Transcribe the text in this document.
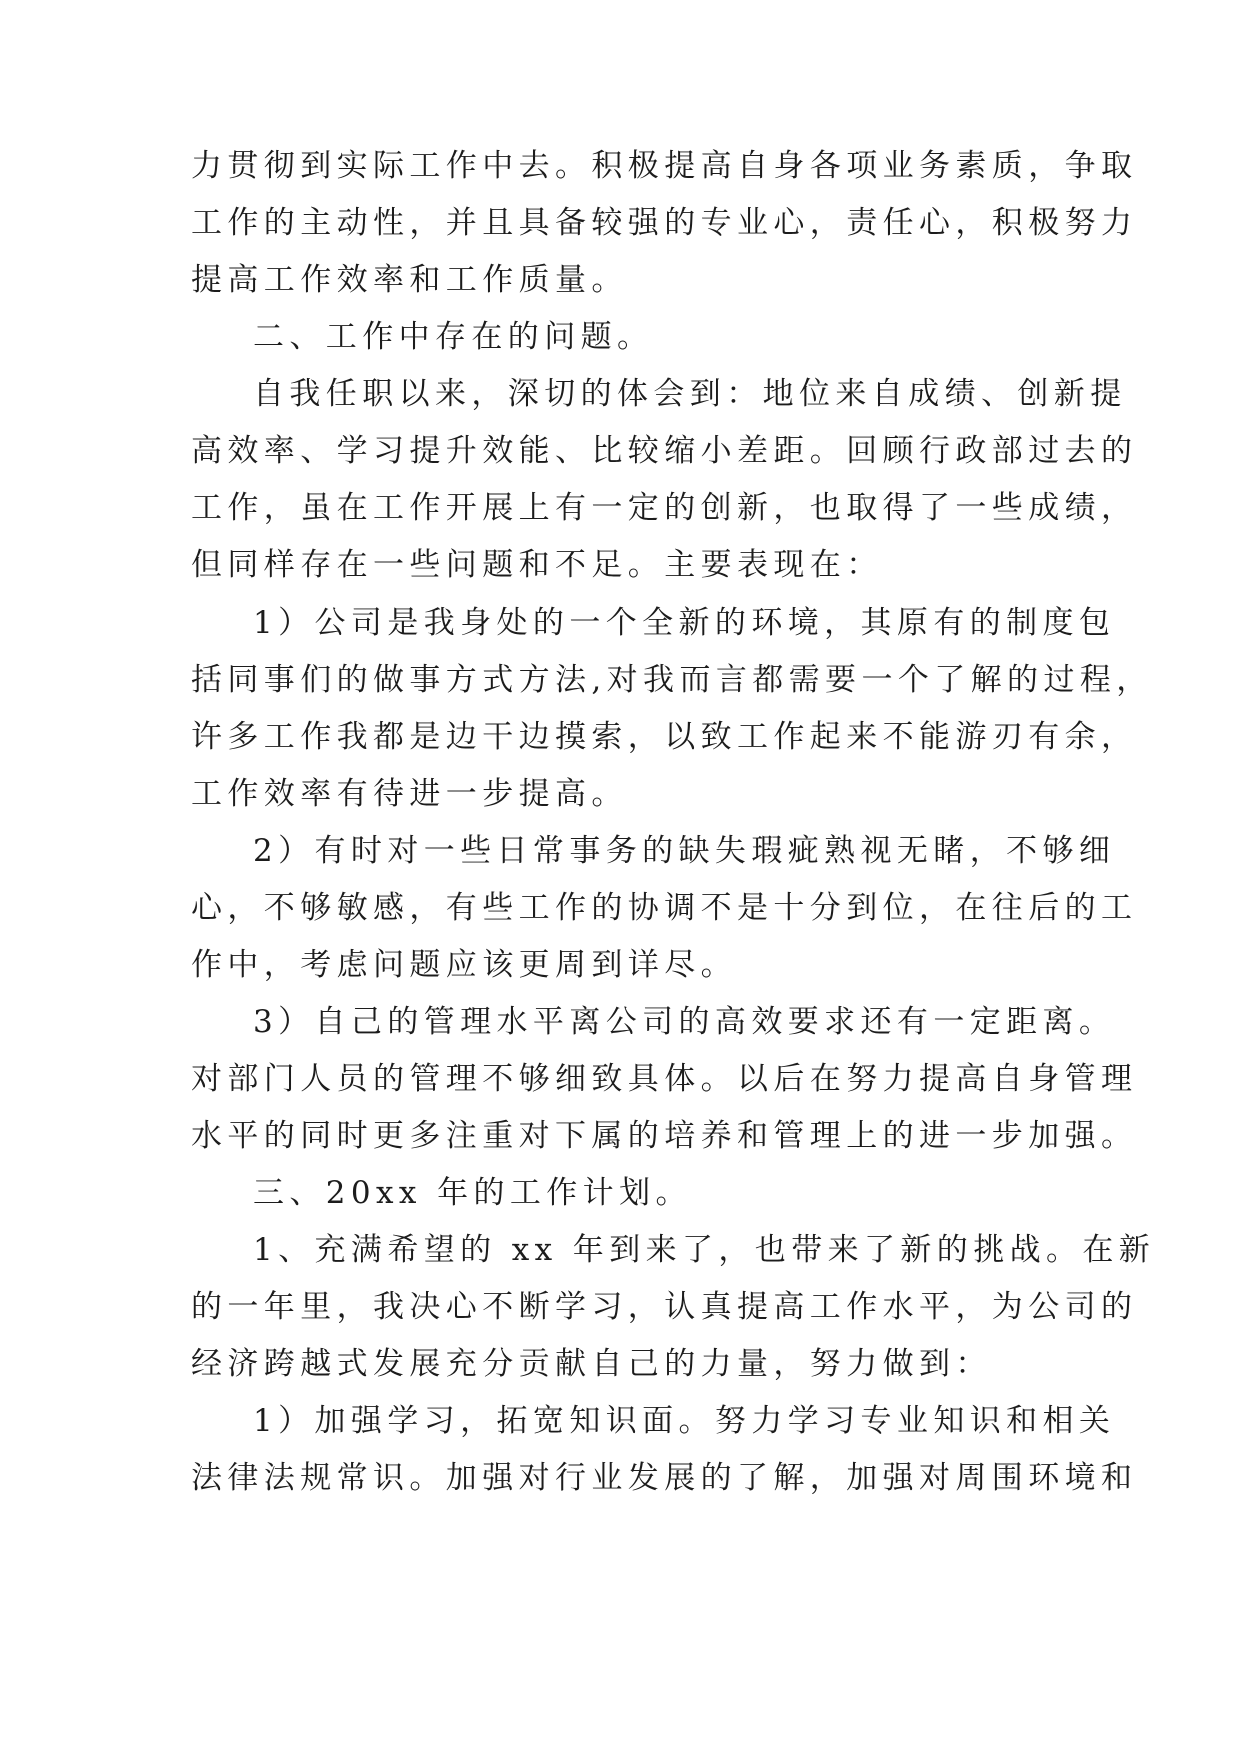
力贯彻到实际工作中去。积极提高自身各项业务素质，争取
工作的主动性，并且具备较强的专业心，责任心，积极努力
提高工作效率和工作质量。
二、工作中存在的问题。
自我任职以来，深切的体会到：地位来自成绩、创新提
高效率、学习提升效能、比较缩小差距。回顾行政部过去的
工作，虽在工作开展上有一定的创新，也取得了一些成绩，
但同样存在一些问题和不足。主要表现在：
1）公司是我身处的一个全新的环境，其原有的制度包
括同事们的做事方式方法,对我而言都需要一个了解的过程，
许多工作我都是边干边摸索，以致工作起来不能游刃有余，
工作效率有待进一步提高。
2）有时对一些日常事务的缺失瑕疵熟视无睹，不够细
心，不够敏感，有些工作的协调不是十分到位，在往后的工
作中，考虑问题应该更周到详尽。
3）自己的管理水平离公司的高效要求还有一定距离。
对部门人员的管理不够细致具体。以后在努力提高自身管理
水平的同时更多注重对下属的培养和管理上的进一步加强。
三、20xx 年的工作计划。
1、充满希望的 xx 年到来了，也带来了新的挑战。在新
的一年里，我决心不断学习，认真提高工作水平，为公司的
经济跨越式发展充分贡献自己的力量，努力做到：
1）加强学习，拓宽知识面。努力学习专业知识和相关
法律法规常识。加强对行业发展的了解，加强对周围环境和
